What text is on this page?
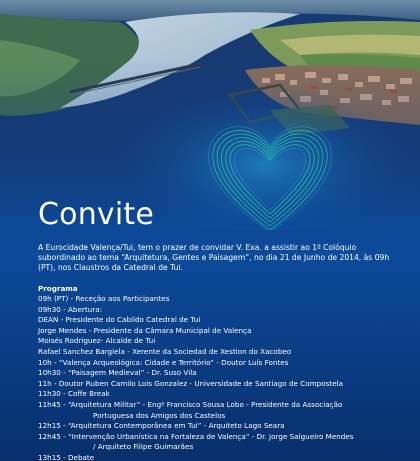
Convite

A Eurocidade Valença/Tui, tem o prazer de convidar V. Exa. a assistir ao 1º Colóquio subordinado ao tema “Arquitetura, Gentes e Paisagem”, no dia 21 de Junho de 2014, às 09h (PT), nos Claustros da Catedral de Tui.

Programa

09h (PT) - Receção aos Participantes
09h30 - Abertura:
DEAN - Presidente do Cabildo Catedral de Tui
Jorge Mendes - Presidente da Câmara Municipal de Valença
Moisés Rodriguez- Alcalde de Tui
Rafael Sanchez Bargiela - Xerente da Sociedad de Xestion do Xacobeo
10h - “Valença Arqueológica: Cidade e Território” - Doutor Luís Fontes
10h30 - “Paisagem Medieval” - Dr. Suso Vila
11h - Doutor Ruben Camilo Lois Gonzalez - Universidade de Santiago de Compostela
11h30 - Coffe Break
11h45 - “Arquitetura Militar” - Engº Francisco Sousa Lobo - Presidente da Associação
Portuguesa dos Amigos dos Castelos
12h15 - “Arquitetura Contemporânea em Tui” - Arquiteto Lago Seara
12h45 - “Intervenção Urbanística na Fortaleza de Valença” - Dr. Jorge Salgueiro Mendes
/ Arquiteto Filipe Guimarães
13h15 - Debate
